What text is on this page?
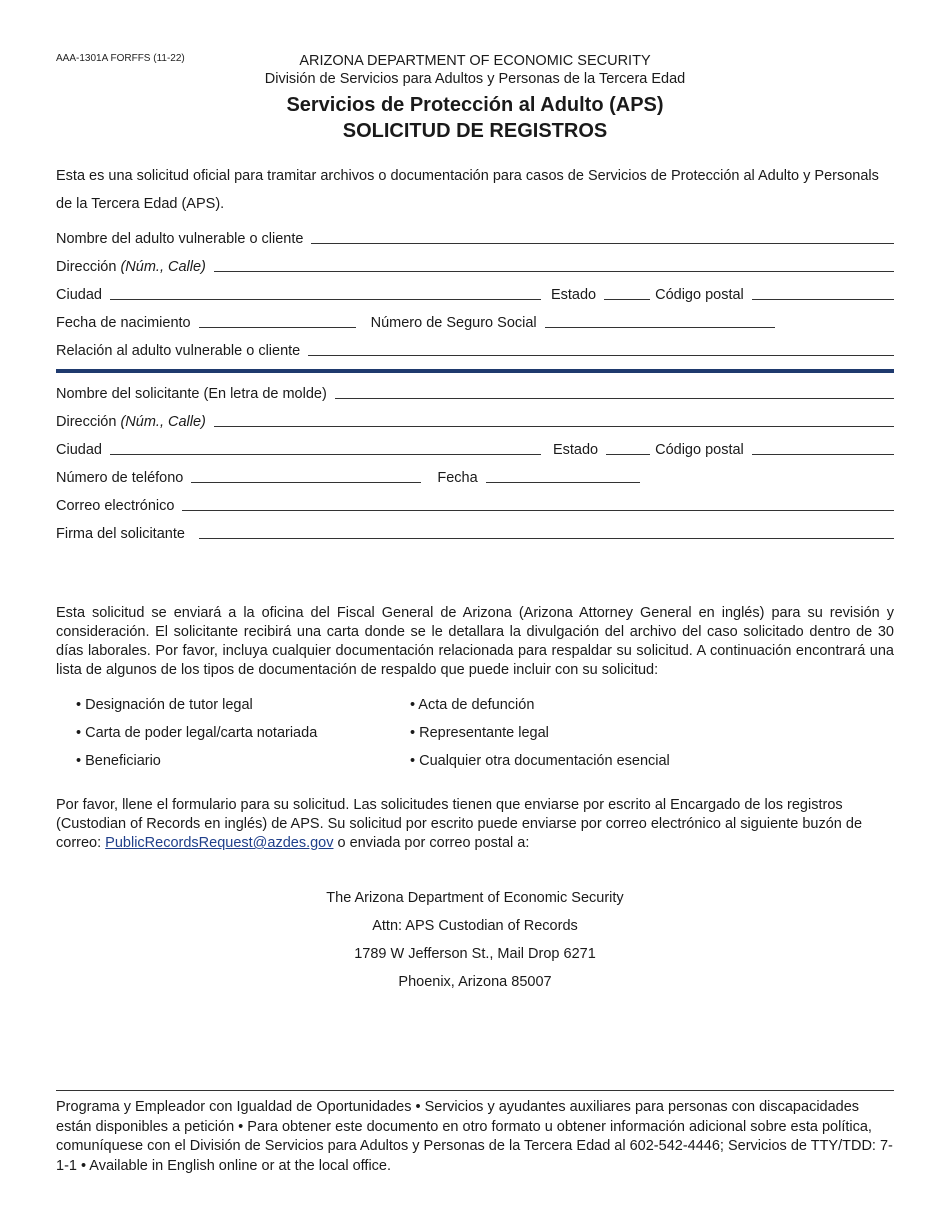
AAA-1301A FORFFS (11-22)	ARIZONA DEPARTMENT OF ECONOMIC SECURITY
División de Servicios para Adultos y Personas de la Tercera Edad
Servicios de Protección al Adulto (APS)
SOLICITUD DE REGISTROS
Esta es una solicitud oficial para tramitar archivos o documentación para casos de Servicios de Protección al Adulto y Personals de la Tercera Edad (APS).
Nombre del adulto vulnerable o cliente
Dirección (Núm., Calle)
Ciudad	Estado	Código postal
Fecha de nacimiento	Número de Seguro Social
Relación al adulto vulnerable o cliente
Nombre del solicitante (En letra de molde)
Dirección (Núm., Calle)
Ciudad	Estado	Código postal
Número de teléfono	Fecha
Correo electrónico
Firma del solicitante
Esta solicitud se enviará a la oficina del Fiscal General de Arizona (Arizona Attorney General en inglés) para su revisión y consideración. El solicitante recibirá una carta donde se le detallara la divulgación del archivo del caso solicitado dentro de 30 días laborales. Por favor, incluya cualquier documentación relacionada para respaldar su solicitud. A continuación encontrará una lista de algunos de los tipos de documentación de respaldo que puede incluir con su solicitud:
• Designación de tutor legal
• Carta de poder legal/carta notariada
• Beneficiario
• Acta de defunción
• Representante legal
• Cualquier otra documentación esencial
Por favor, llene el formulario para su solicitud. Las solicitudes tienen que enviarse por escrito al Encargado de los registros (Custodian of Records en inglés) de APS. Su solicitud por escrito puede enviarse por correo electrónico al siguiente buzón de correo: PublicRecordsRequest@azdes.gov o enviada por correo postal a:
The Arizona Department of Economic Security
Attn: APS Custodian of Records
1789 W Jefferson St., Mail Drop 6271
Phoenix, Arizona 85007
Programa y Empleador con Igualdad de Oportunidades • Servicios y ayudantes auxiliares para personas con discapacidades están disponibles a petición • Para obtener este documento en otro formato u obtener información adicional sobre esta política, comuníquese con el División de Servicios para Adultos y Personas de la Tercera Edad al 602-542-4446; Servicios de TTY/TDD: 7-1-1 • Available in English online or at the local office.
